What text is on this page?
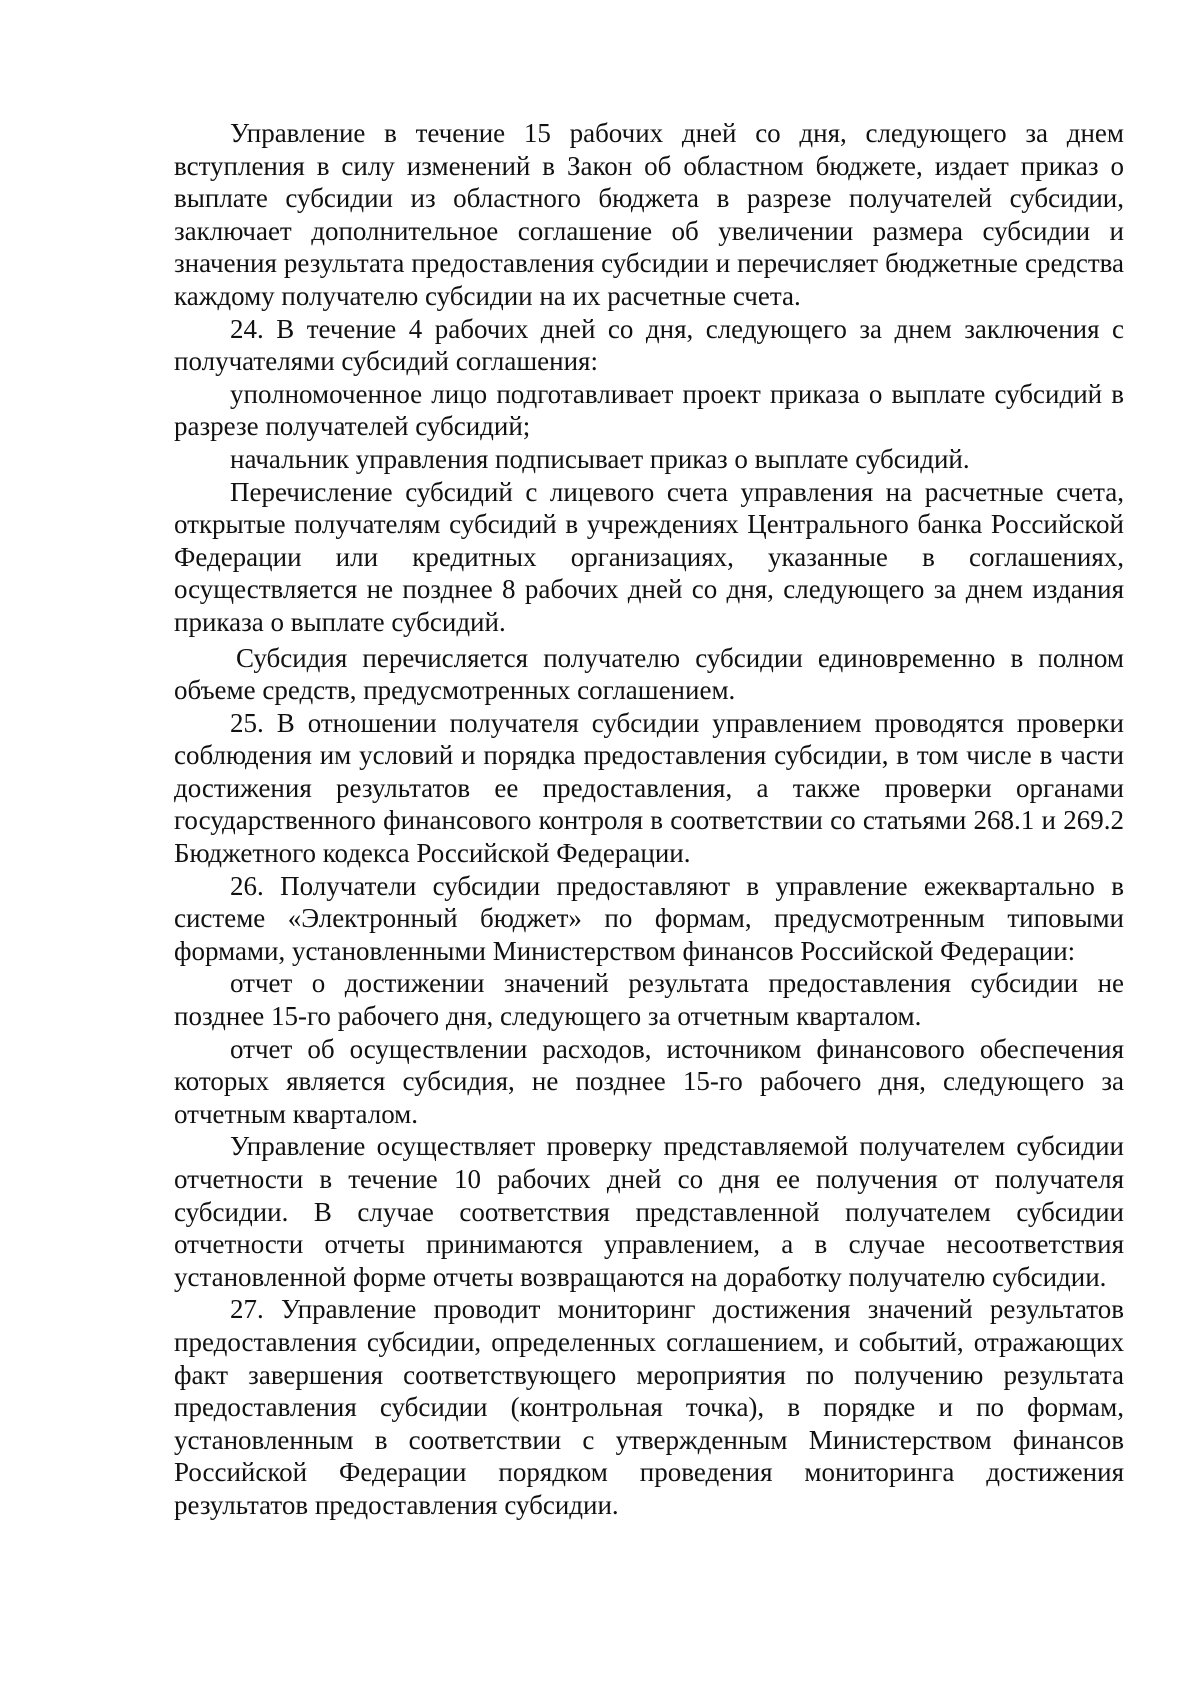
Управление в течение 15 рабочих дней со дня, следующего за днем вступления в силу изменений в Закон об областном бюджете, издает приказ о выплате субсидии из областного бюджета в разрезе получателей субсидии, заключает дополнительное соглашение об увеличении размера субсидии и значения результата предоставления субсидии и перечисляет бюджетные средства каждому получателю субсидии на их расчетные счета.

24. В течение 4 рабочих дней со дня, следующего за днем заключения с получателями субсидий соглашения:

уполномоченное лицо подготавливает проект приказа о выплате субсидий в разрезе получателей субсидий;

начальник управления подписывает приказ о выплате субсидий.

Перечисление субсидий с лицевого счета управления на расчетные счета, открытые получателям субсидий в учреждениях Центрального банка Российской Федерации или кредитных организациях, указанные в соглашениях, осуществляется не позднее 8 рабочих дней со дня, следующего за днем издания приказа о выплате субсидий.

Субсидия перечисляется получателю субсидии единовременно в полном объеме средств, предусмотренных соглашением.

25. В отношении получателя субсидии управлением проводятся проверки соблюдения им условий и порядка предоставления субсидии, в том числе в части достижения результатов ее предоставления, а также проверки органами государственного финансового контроля в соответствии со статьями 268.1 и 269.2 Бюджетного кодекса Российской Федерации.

26. Получатели субсидии предоставляют в управление ежеквартально в системе «Электронный бюджет» по формам, предусмотренным типовыми формами, установленными Министерством финансов Российской Федерации:

отчет о достижении значений результата предоставления субсидии не позднее 15-го рабочего дня, следующего за отчетным кварталом.

отчет об осуществлении расходов, источником финансового обеспечения которых является субсидия, не позднее 15-го рабочего дня, следующего за отчетным кварталом.

Управление осуществляет проверку представляемой получателем субсидии отчетности в течение 10 рабочих дней со дня ее получения от получателя субсидии. В случае соответствия представленной получателем субсидии отчетности отчеты принимаются управлением, а в случае несоответствия установленной форме отчеты возвращаются на доработку получателю субсидии.

27. Управление проводит мониторинг достижения значений результатов предоставления субсидии, определенных соглашением, и событий, отражающих факт завершения соответствующего мероприятия по получению результата предоставления субсидии (контрольная точка), в порядке и по формам, установленным в соответствии с утвержденным Министерством финансов Российской Федерации порядком проведения мониторинга достижения результатов предоставления субсидии.
